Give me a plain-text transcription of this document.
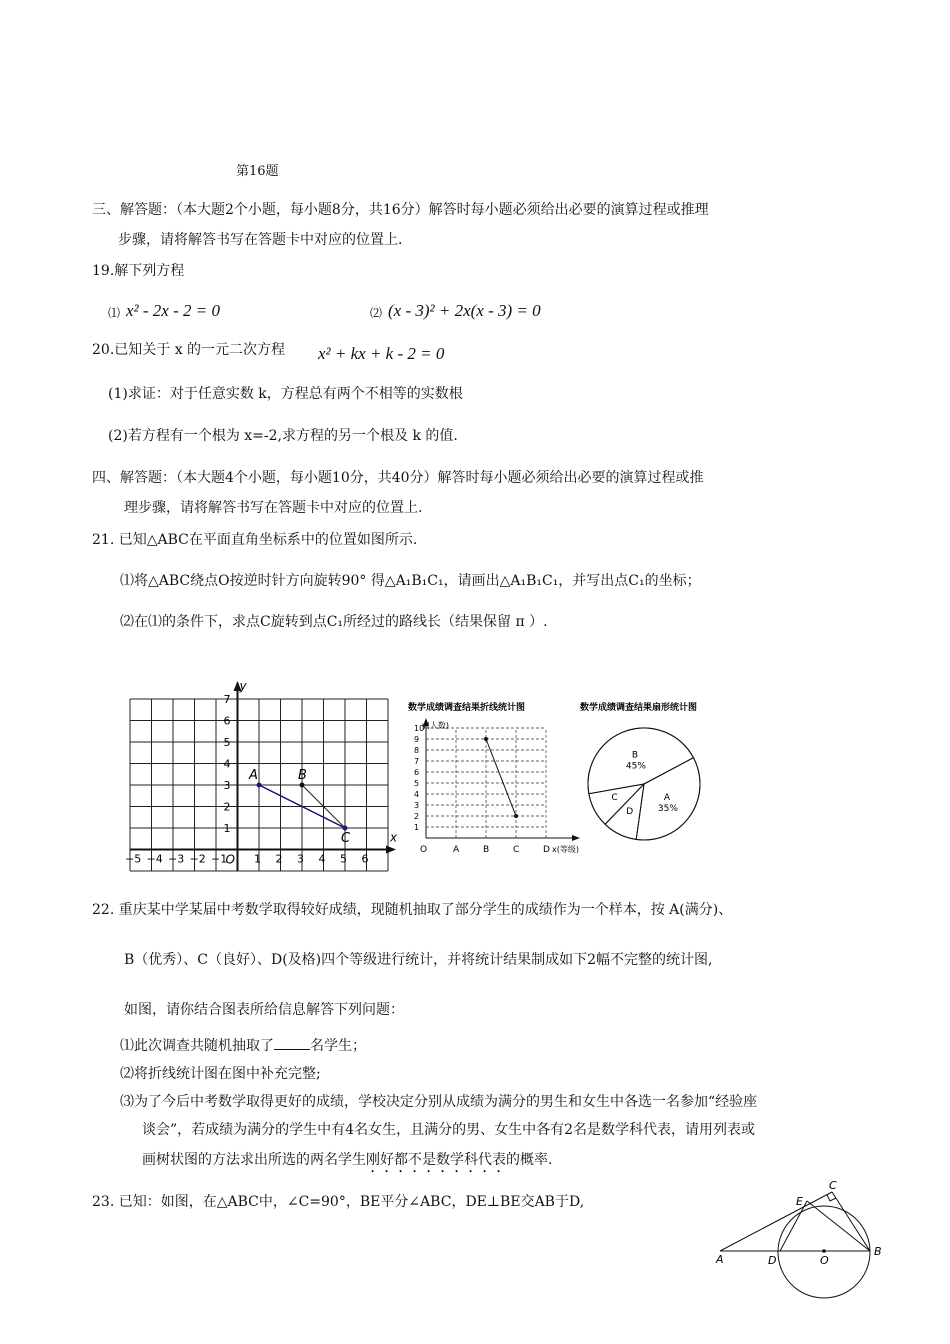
第16题
三、解答题：（本大题2个小题，每小题8分，共16分）解答时每小题必须给出必要的演算过程或推理
步骤，请将解答书写在答题卡中对应的位置上.
19.解下列方程
⑴ x² - 2x - 2 = 0	⑵ (x - 3)² + 2x(x - 3) = 0
20.已知关于 x 的一元二次方程 x² + kx + k - 2 = 0
(1)求证：对于任意实数 k，方程总有两个不相等的实数根
(2)若方程有一个根为 x=-2,求方程的另一个根及 k 的值.
四、解答题：（本大题4个小题，每小题10分，共40分）解答时每小题必须给出必要的演算过程或推
理步骤，请将解答书写在答题卡中对应的位置上.
21. 已知△ABC在平面直角坐标系中的位置如图所示.
⑴将△ABC绕点O按逆时针方向旋转90° 得△A₁B₁C₁，请画出△A₁B₁C₁，并写出点C₁的坐标；
⑵在⑴的条件下，求点C旋转到点C₁所经过的路线长（结果保留 π ）.
y
x
O
−5 −4 −3 −2 −1 1 2 3 4 5 6
1
2
3
4
5
6
7
A	B
C
数学成绩调查结果折线统计图
1
2
3
4
5
6
7
8
9
10
y(人数)
O	A	B	C	D x(等级)
数学成绩调查结果扇形统计图
B
45%
A
35%
D
C
22. 重庆某中学某届中考数学取得较好成绩，现随机抽取了部分学生的成绩作为一个样本，按 A(满分)、
B（优秀）、C（良好）、D(及格)四个等级进行统计，并将统计结果制成如下2幅不完整的统计图,
如图，请你结合图表所给信息解答下列问题：
⑴此次调查共随机抽取了	名学生；
⑵将折线统计图在图中补充完整;
⑶为了今后中考数学取得更好的成绩，学校决定分别从成绩为满分的男生和女生中各选一名参加“经验座
谈会”，若成绩为满分的学生中有4名女生，且满分的男、女生中各有2名是数学科代表，请用列表或
画树状图的方法求出所选的两名学生刚好都不是数学科代表的概率.
23. 已知：如图，在△ABC中，∠C=90°，BE平分∠ABC，DE⊥BE交AB于D,
A
B
C
D
E
O
